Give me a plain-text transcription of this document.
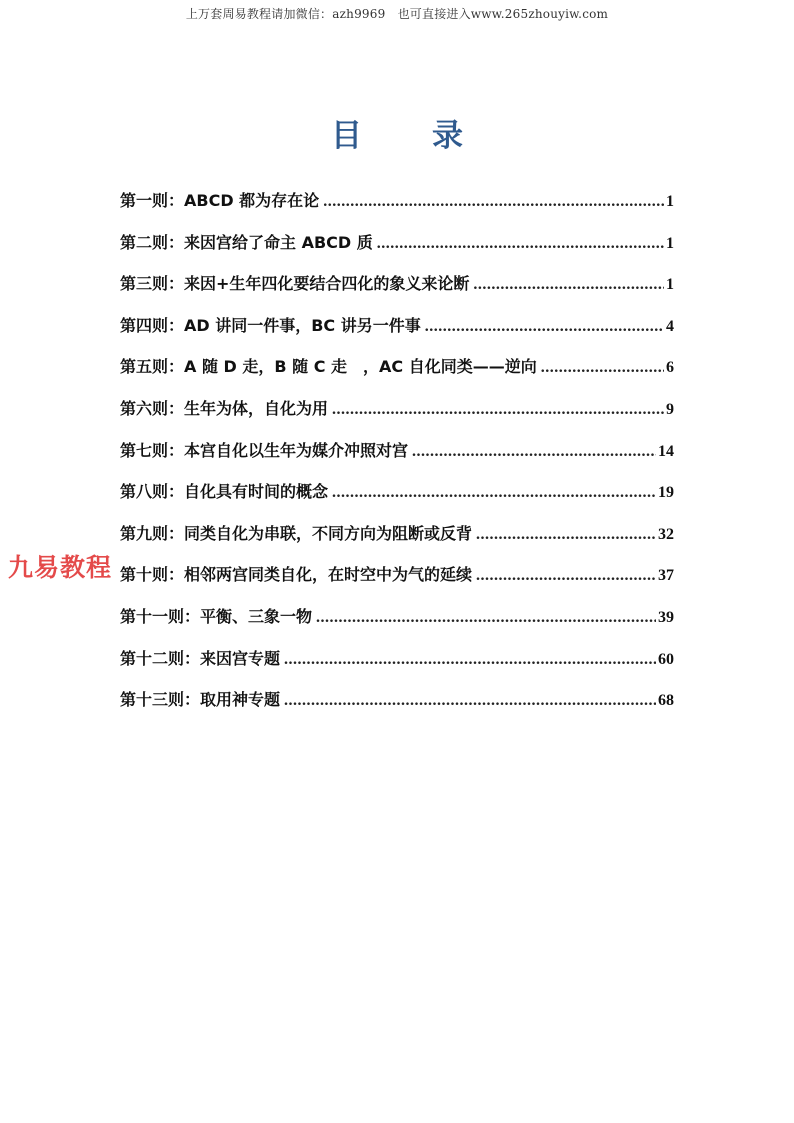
上万套周易教程请加微信：azh9969　也可直接进入www.265zhouyiw.com
目 录
第一则：ABCD 都为存在论 .....	1
第二则：来因宫给了命主 ABCD 质 .....	1
第三则：来因+生年四化要结合四化的象义来论断 .....	1
第四则：AD 讲同一件事，BC 讲另一件事 .....	4
第五则：A 随 D 走，B 随 C 走　，AC 自化同类——逆向 .....	6
第六则：生年为体，自化为用 .....	9
第七则：本宫自化以生年为媒介冲照对宫 .....	14
第八则：自化具有时间的概念 .....	19
第九则：同类自化为串联，不同方向为阻断或反背 .....	32
第十则：相邻两宫同类自化，在时空中为气的延续 .....	37
第十一则：平衡、三象一物 .....	39
第十二则：来因宫专题 .....	60
第十三则：取用神专题 .....	68
九易教程
